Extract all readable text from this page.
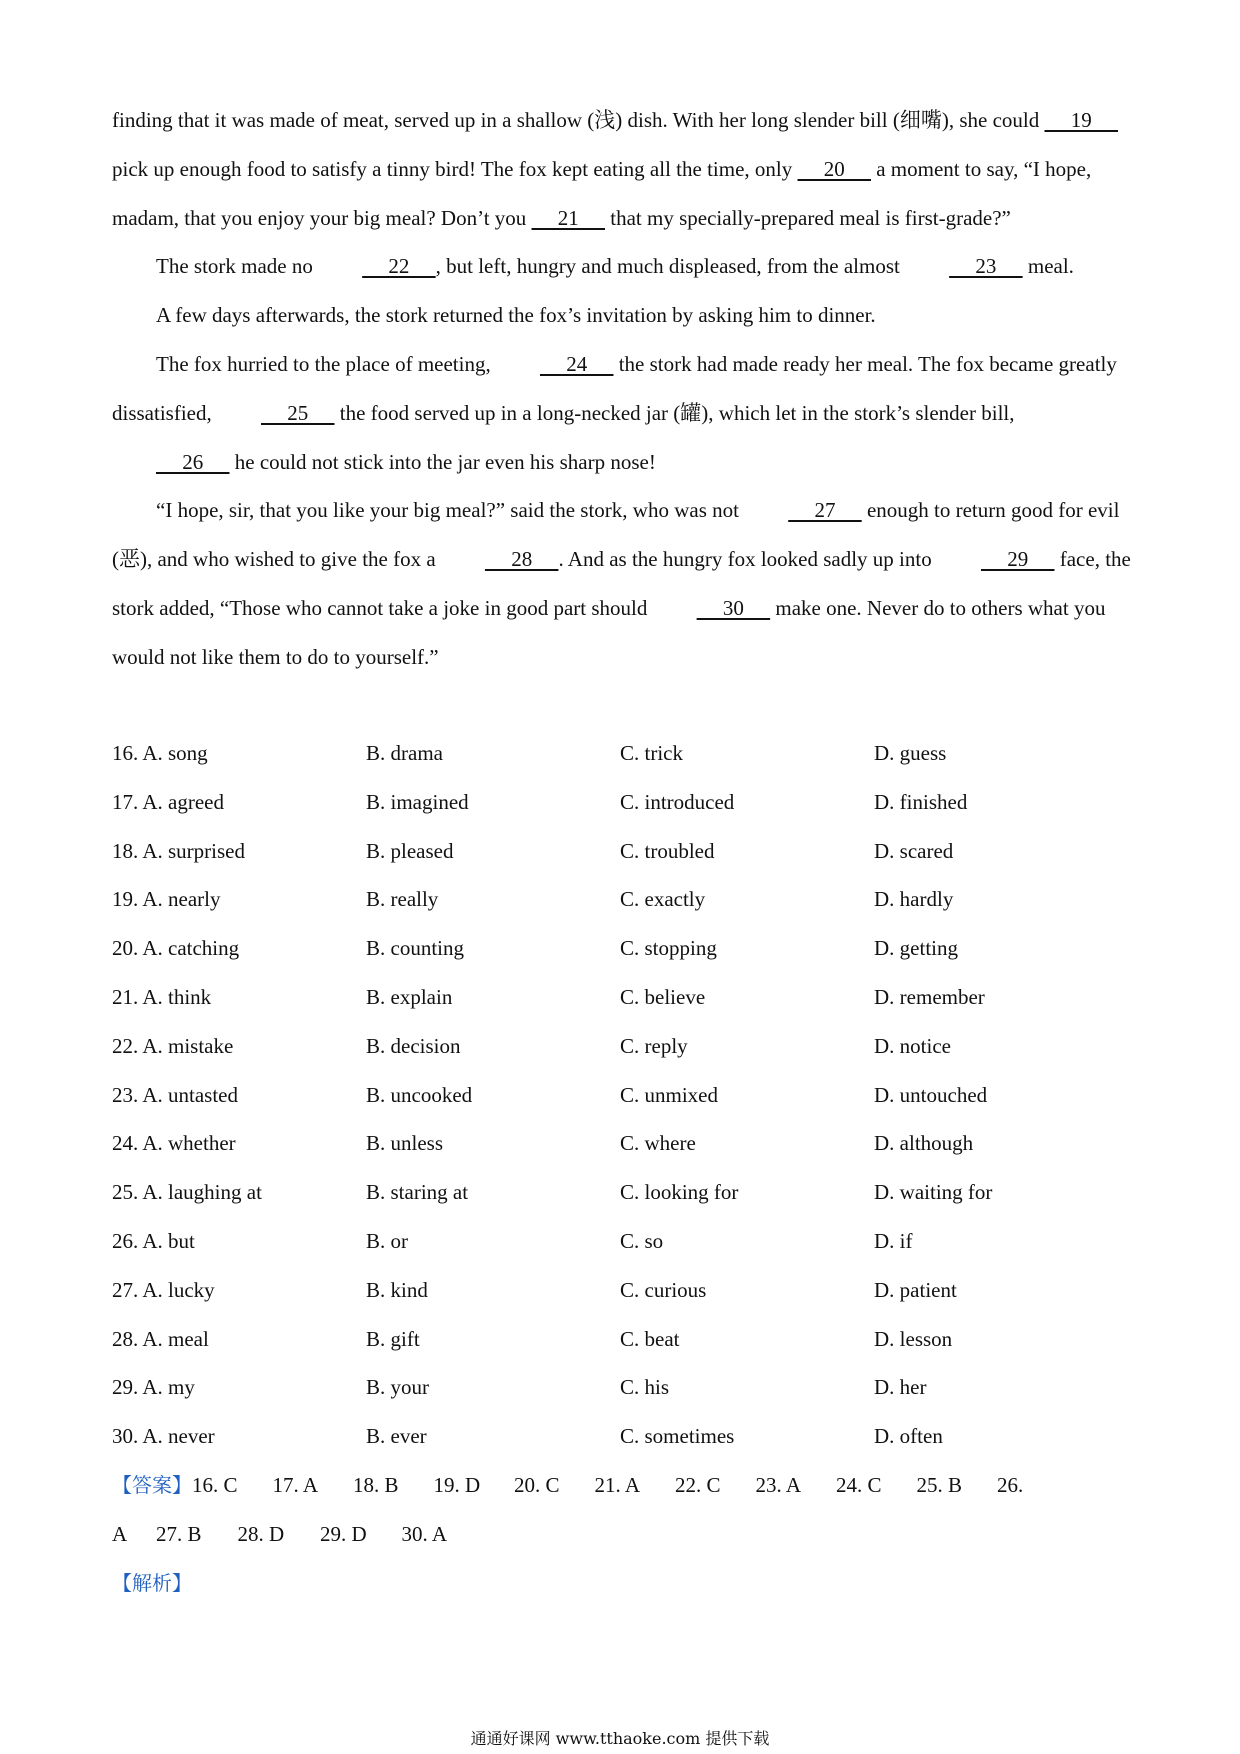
finding that it was made of meat, served up in a shallow (浅) dish. With her long slender bill (细嘴), she could      19      pick up enough food to satisfy a tinny bird! The fox kept eating all the time, only      20      a moment to say, “I hope, madam, that you enjoy your big meal? Don’t you      21      that my specially-prepared meal is first-grade?”

The stork made no      22     , but left, hungry and much displeased, from the almost      23      meal.

A few days afterwards, the stork returned the fox’s invitation by asking him to dinner.

The fox hurried to the place of meeting,      24      the stork had made ready her meal. The fox became greatly dissatisfied,      25      the food served up in a long-necked jar (罐), which let in the stork’s slender bill,      26      he could not stick into the jar even his sharp nose!

“I hope, sir, that you like your big meal?” said the stork, who was not      27      enough to return good for evil (恶), and who wished to give the fox a      28     . And as the hungry fox looked sadly up into      29      face, the stork added, “Those who cannot take a joke in good part should      30      make one. Never do to others what you would not like them to do to yourself.”

16. A. song	B. drama	C. trick	D. guess
17. A. agreed	B. imagined	C. introduced	D. finished
18. A. surprised	B. pleased	C. troubled	D. scared
19. A. nearly	B. really	C. exactly	D. hardly
20. A. catching	B. counting	C. stopping	D. getting
21. A. think	B. explain	C. believe	D. remember
22. A. mistake	B. decision	C. reply	D. notice
23. A. untasted	B. uncooked	C. unmixed	D. untouched
24. A. whether	B. unless	C. where	D. although
25. A. laughing at	B. staring at	C. looking for	D. waiting for
26. A. but	B. or	C. so	D. if
27. A. lucky	B. kind	C. curious	D. patient
28. A. meal	B. gift	C. beat	D. lesson
29. A. my	B. your	C. his	D. her
30. A. never	B. ever	C. sometimes	D. often
【答案】 16. C	17. A	18. B	19. D	20. C	21. A	22. C	23. A	24. C	25. B	26.
A	27. B	28. D	29. D	30. A
【解析】
通通好课网 www.tthaoke.com 提供下载
